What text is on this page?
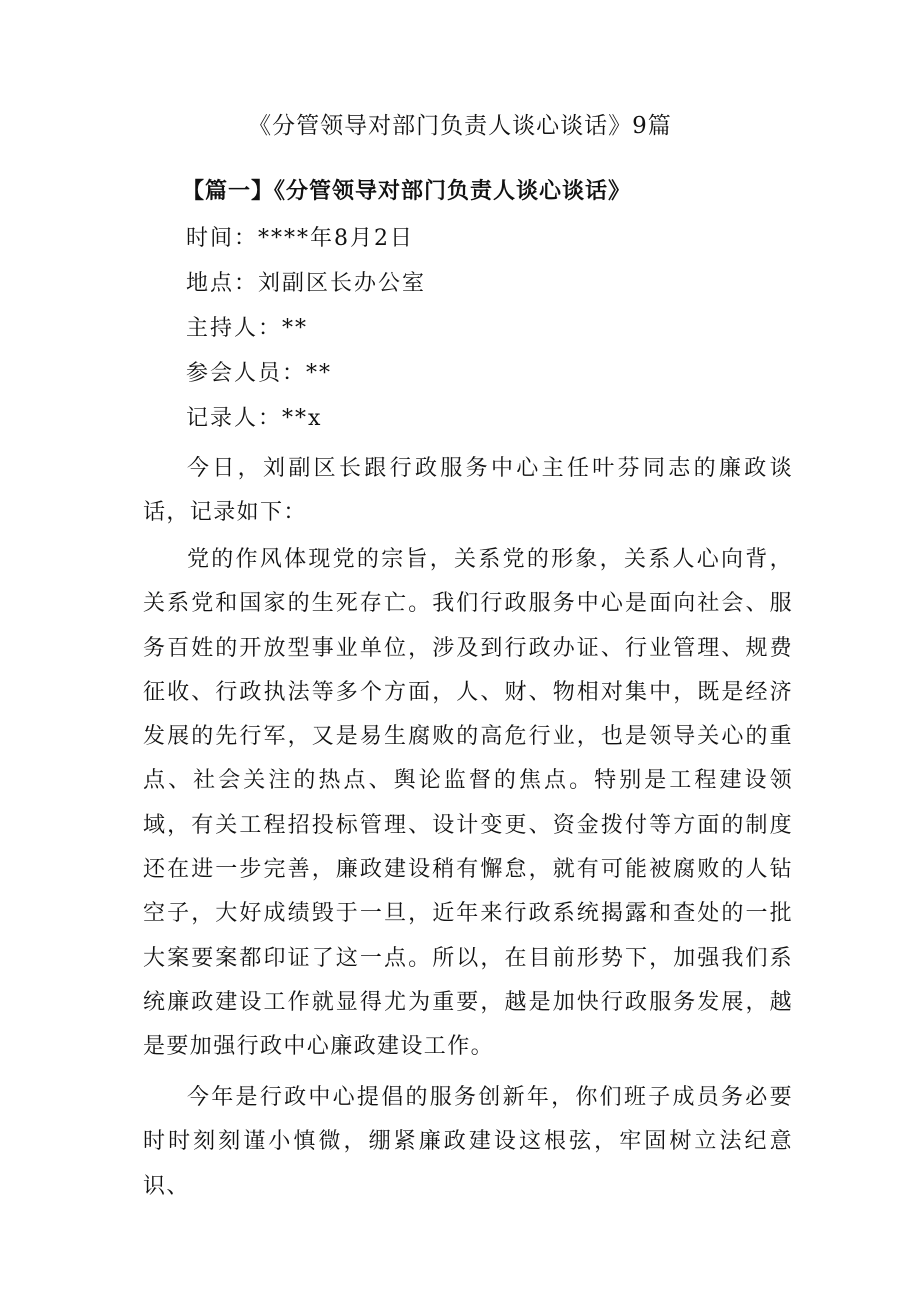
《分管领导对部门负责人谈心谈话》9篇
【篇一】《分管领导对部门负责人谈心谈话》
时间：****年8月2日
地点：刘副区长办公室
主持人：**
参会人员：**
记录人：**x

今日，刘副区长跟行政服务中心主任叶芬同志的廉政谈话，记录如下：

党的作风体现党的宗旨，关系党的形象，关系人心向背，关系党和国家的生死存亡。我们行政服务中心是面向社会、服务百姓的开放型事业单位，涉及到行政办证、行业管理、规费征收、行政执法等多个方面，人、财、物相对集中，既是经济发展的先行军，又是易生腐败的高危行业，也是领导关心的重点、社会关注的热点、舆论监督的焦点。特别是工程建设领域，有关工程招投标管理、设计变更、资金拨付等方面的制度还在进一步完善，廉政建设稍有懈怠，就有可能被腐败的人钻空子，大好成绩毁于一旦，近年来行政系统揭露和查处的一批大案要案都印证了这一点。所以，在目前形势下，加强我们系统廉政建设工作就显得尤为重要，越是加快行政服务发展，越是要加强行政中心廉政建设工作。

今年是行政中心提倡的服务创新年，你们班子成员务必要时时刻刻谨小慎微，绷紧廉政建设这根弦，牢固树立法纪意识、
